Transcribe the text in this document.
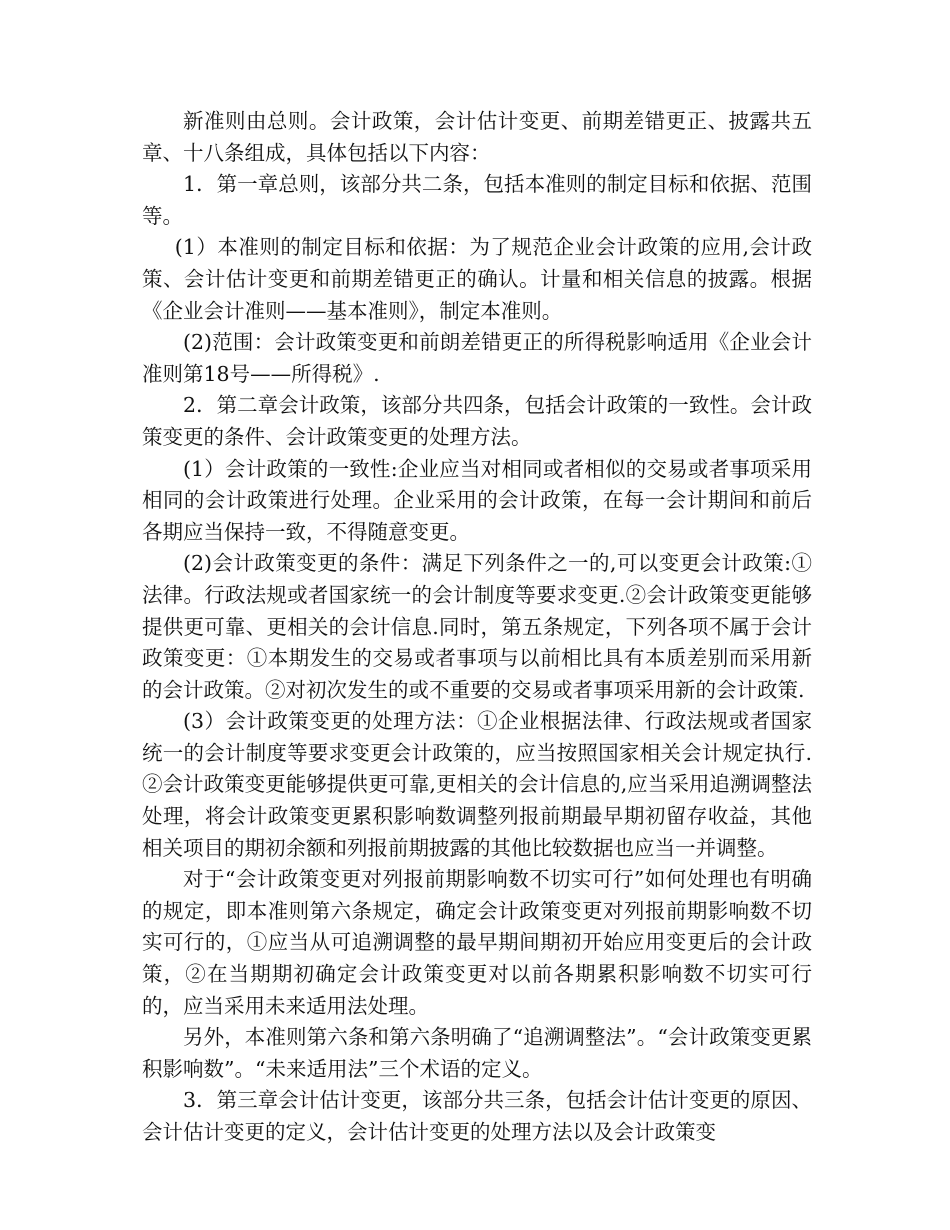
新准则由总则。会计政策，会计估计变更、前期差错更正、披露共五章、十八条组成，具体包括以下内容：

1．第一章总则，该部分共二条，包括本准则的制定目标和依据、范围等。

(1）本准则的制定目标和依据：为了规范企业会计政策的应用,会计政策、会计估计变更和前期差错更正的确认。计量和相关信息的披露。根据《企业会计准则——基本准则》，制定本准则。

(2)范围：会计政策变更和前朗差错更正的所得税影响适用《企业会计准则第18号——所得税》.

2．第二章会计政策，该部分共四条，包括会计政策的一致性。会计政策变更的条件、会计政策变更的处理方法。

(1）会计政策的一致性:企业应当对相同或者相似的交易或者事项采用相同的会计政策进行处理。企业采用的会计政策，在每一会计期间和前后各期应当保持一致，不得随意变更。

(2)会计政策变更的条件：满足下列条件之一的,可以变更会计政策:①法律。行政法规或者国家统一的会计制度等要求变更.②会计政策变更能够提供更可靠、更相关的会计信息.同时，第五条规定，下列各项不属于会计政策变更：①本期发生的交易或者事项与以前相比具有本质差别而采用新的会计政策。②对初次发生的或不重要的交易或者事项采用新的会计政策.

(3）会计政策变更的处理方法：①企业根据法律、行政法规或者国家统一的会计制度等要求变更会计政策的，应当按照国家相关会计规定执行.②会计政策变更能够提供更可靠,更相关的会计信息的,应当采用追溯调整法处理，将会计政策变更累积影响数调整列报前期最早期初留存收益，其他相关项目的期初余额和列报前期披露的其他比较数据也应当一并调整。

对于“会计政策变更对列报前期影响数不切实可行”如何处理也有明确的规定，即本准则第六条规定，确定会计政策变更对列报前期影响数不切实可行的，①应当从可追溯调整的最早期间期初开始应用变更后的会计政策，②在当期期初确定会计政策变更对以前各期累积影响数不切实可行的，应当采用未来适用法处理。

另外，本准则第六条和第六条明确了“追溯调整法”。“会计政策变更累积影响数”。“未来适用法”三个术语的定义。

3．第三章会计估计变更，该部分共三条，包括会计估计变更的原因、会计估计变更的定义，会计估计变更的处理方法以及会计政策变
